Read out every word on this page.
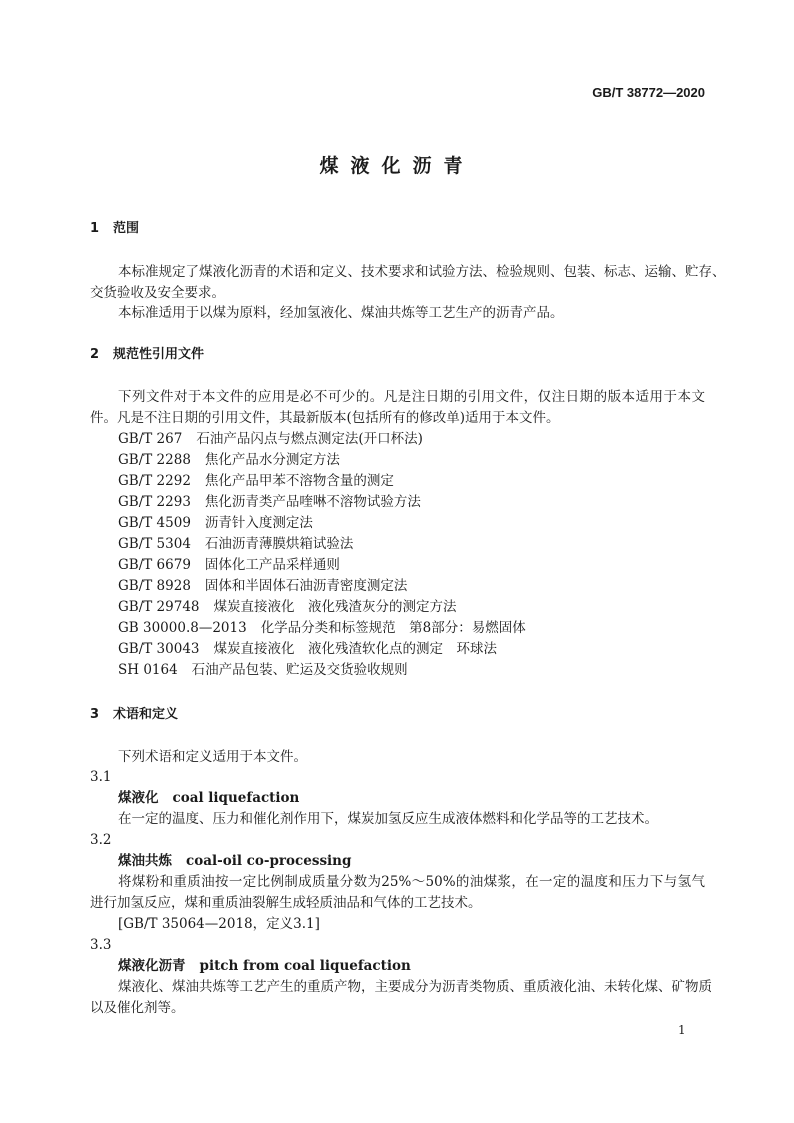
GB/T 38772—2020
煤液化沥青
1 范围
本标准规定了煤液化沥青的术语和定义、技术要求和试验方法、检验规则、包装、标志、运输、贮存、
交货验收及安全要求。
本标准适用于以煤为原料，经加氢液化、煤油共炼等工艺生产的沥青产品。
2 规范性引用文件
下列文件对于本文件的应用是必不可少的。凡是注日期的引用文件，仅注日期的版本适用于本文
件。凡是不注日期的引用文件，其最新版本(包括所有的修改单)适用于本文件。
GB/T 267 石油产品闪点与燃点测定法(开口杯法)
GB/T 2288 焦化产品水分测定方法
GB/T 2292 焦化产品甲苯不溶物含量的测定
GB/T 2293 焦化沥青类产品喹啉不溶物试验方法
GB/T 4509 沥青针入度测定法
GB/T 5304 石油沥青薄膜烘箱试验法
GB/T 6679 固体化工产品采样通则
GB/T 8928 固体和半固体石油沥青密度测定法
GB/T 29748 煤炭直接液化　液化残渣灰分的测定方法
GB 30000.8—2013 化学品分类和标签规范　第8部分：易燃固体
GB/T 30043 煤炭直接液化　液化残渣软化点的测定　环球法
SH 0164 石油产品包装、贮运及交货验收规则
3 术语和定义
下列术语和定义适用于本文件。
3.1
煤液化 coal liquefaction
在一定的温度、压力和催化剂作用下，煤炭加氢反应生成液体燃料和化学品等的工艺技术。
3.2
煤油共炼 coal-oil co-processing
将煤粉和重质油按一定比例制成质量分数为25%～50%的油煤浆，在一定的温度和压力下与氢气
进行加氢反应，煤和重质油裂解生成轻质油品和气体的工艺技术。
[GB/T 35064—2018，定义3.1]
3.3
煤液化沥青 pitch from coal liquefaction
煤液化、煤油共炼等工艺产生的重质产物，主要成分为沥青类物质、重质液化油、未转化煤、矿物质
以及催化剂等。
1
